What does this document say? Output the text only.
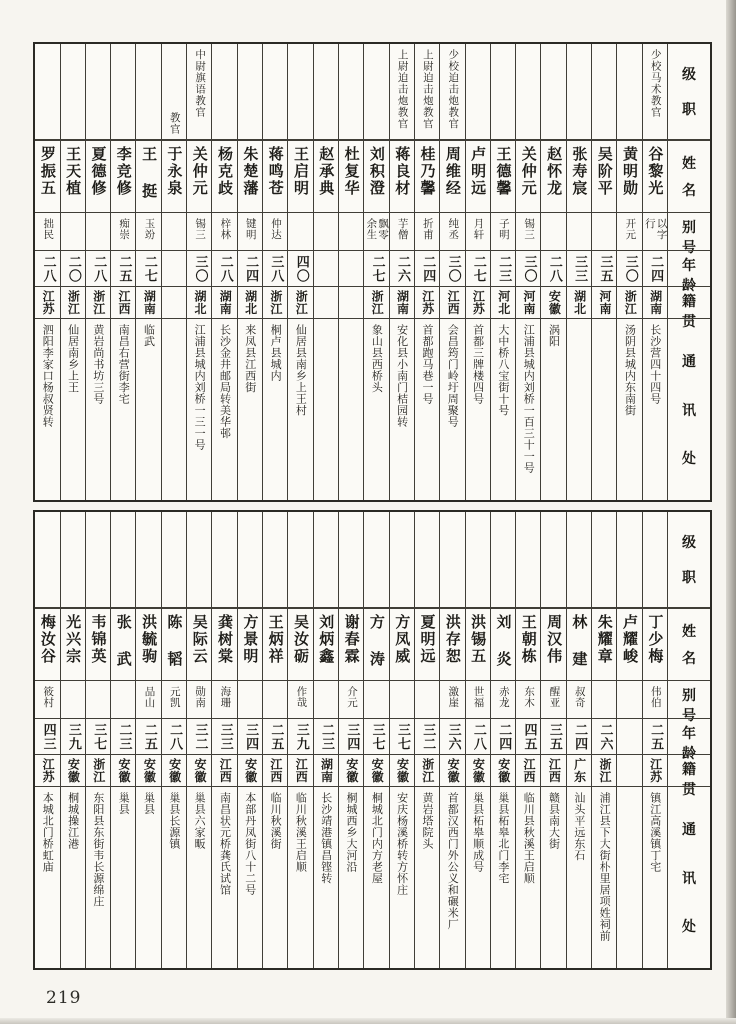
级
职
姓
名
别
号
年
龄
籍
贯
通
讯
处
少校马术教官
谷黎光
以字行
二四
湖南
长沙营四十四号
黄明勋
开元
三〇
浙江
汤阴县城内东南街
吴阶平
三五
河南
张寿宸
三三
湖北
赵怀龙
二八
安徽
涡阳
关仲元
锡三
三〇
河南
江浦县城内刘桥一百三十一号
王德馨
子明
二三
河北
大中桥八宝街十号
卢明远
月轩
二七
江苏
首都三牌楼四号
少校迫击炮教官
周维经
纯丞
三〇
江西
会昌筠门岭圩周聚号
上尉迫击炮教官
桂乃馨
折甫
二四
江苏
首都跑马巷一号
上尉迫击炮教官
蒋良材
芋僧
二六
湖南
安化县小南门桔园转
刘积澄
飘零余生
二七
浙江
象山县西桥头
杜复华
赵承典
王启明
四〇
浙江
仙居县南乡上王村
蒋鸣苍
仲达
三八
浙江
桐卢县城内
朱楚藩
键明
二四
湖北
来凤县江西街
杨克歧
梓林
二八
湖南
长沙金井邮局转美华邨
中尉旗语教官
关仲元
锡三
三〇
湖北
江浦县城内刘桥一三一号
教官
于永泉
王 挺
玉竕
二七
湖南
临武
李竞修
痴崇
二五
江西
南昌右营街李宅
夏德修
二八
浙江
黄岩尚书坊三号
王天植
二〇
浙江
仙居南乡上王
罗振五
拙民
二八
江苏
泗阳李家口杨叔贤转
级
职
姓
名
别
号
年
龄
籍
贯
通
讯
处
丁少梅
伟伯
二五
江苏
镇江高溪镇丁宅
卢耀峻
朱耀章
二六
浙江
浦江县下大街朴里居项姓祠前
林 建
叔奇
二四
广东
汕头平远东石
周汉伟
醒亚
三五
江西
赣县南大街
王朝栋
东木
四五
江西
临川县秋溪王启顺
刘 炎
赤龙
二四
安徽
巢县柘皋北门李宅
洪锡五
世福
二八
安徽
巢县柘皋顺成号
洪存恕
激崖
三六
安徽
首都汉西门外公义和碾米厂
夏明远
三二
浙江
黄岩塔院头
方凤威
三七
安徽
安庆杨溪桥转方怀庄
方 涛
三七
安徽
桐城北门内方老屋
谢春霖
介元
三四
安徽
桐城西乡大河沿
刘炳鑫
二三
湖南
长沙靖港镇昌铿转
吴汝砺
作哉
三九
江西
临川秋溪王启顺
王炳祥
二五
江西
临川秋溪街
方景明
三四
安徽
本部丹凤街八十二号
龚树棠
海珊
三三
江西
南昌状元桥龚氏试馆
吴际云
勋南
三二
安徽
巢县六家畈
陈 韬
元凯
二八
安徽
巢县长源镇
洪毓驹
品山
二五
安徽
巢县
张 武
二三
安徽
巢县
韦锦英
三七
浙江
东阳县东街韦长源绵庄
光兴宗
三九
安徽
桐城操江港
梅汝谷
筱村
四三
江苏
本城北门桥虹庙
219
